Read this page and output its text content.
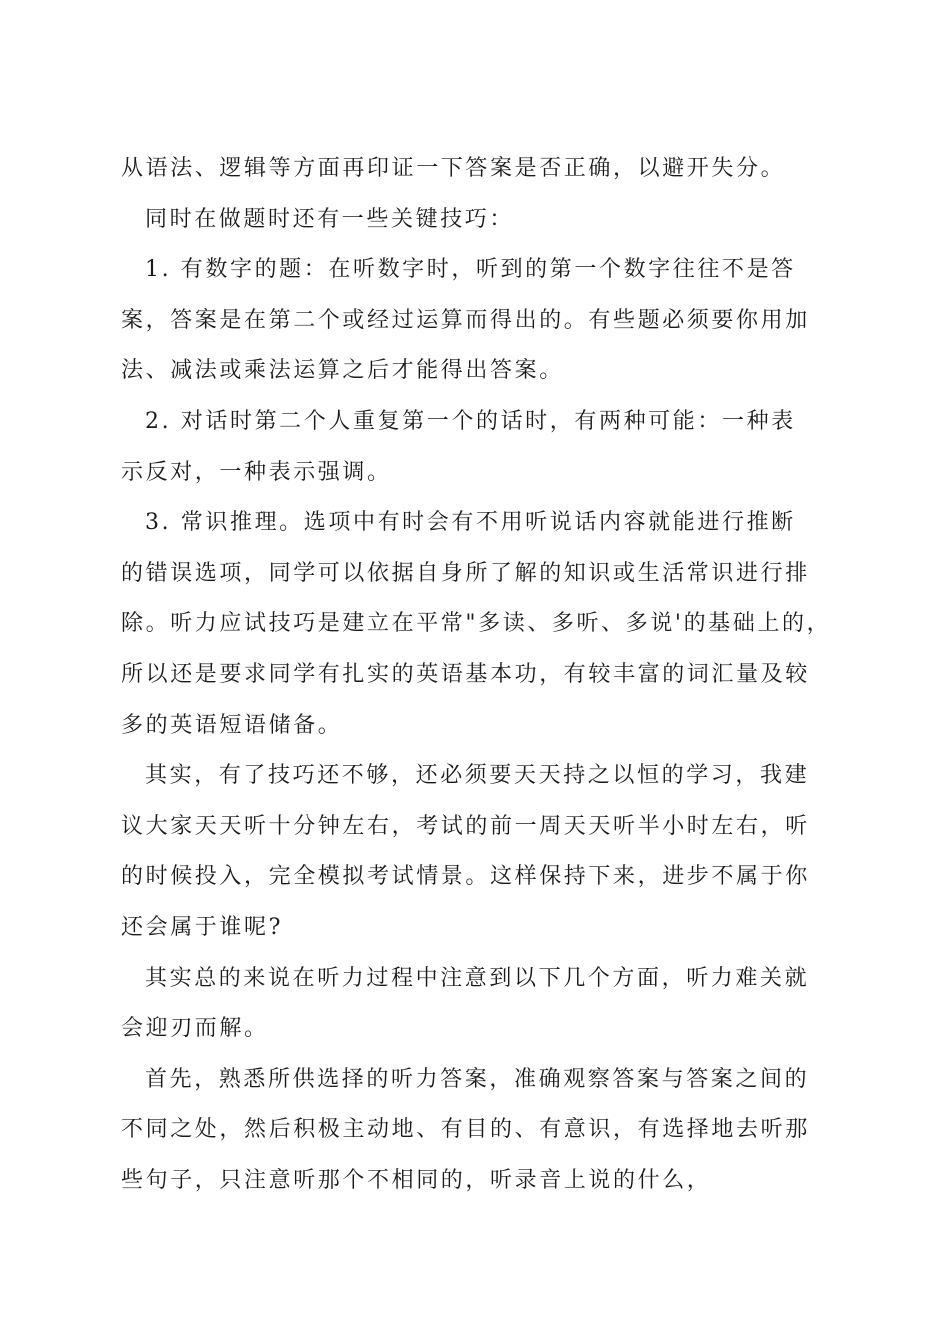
从语法、逻辑等方面再印证一下答案是否正确，以避开失分。
同时在做题时还有一些关键技巧：
1. 有数字的题：在听数字时，听到的第一个数字往往不是答
案，答案是在第二个或经过运算而得出的。有些题必须要你用加
法、减法或乘法运算之后才能得出答案。
2. 对话时第二个人重复第一个的话时，有两种可能：一种表
示反对，一种表示强调。
3. 常识推理。选项中有时会有不用听说话内容就能进行推断
的错误选项，同学可以依据自身所了解的知识或生活常识进行排
除。听力应试技巧是建立在平常"多读、多听、多说'的基础上的，
所以还是要求同学有扎实的英语基本功，有较丰富的词汇量及较
多的英语短语储备。
其实，有了技巧还不够，还必须要天天持之以恒的学习，我建
议大家天天听十分钟左右，考试的前一周天天听半小时左右，听
的时候投入，完全模拟考试情景。这样保持下来，进步不属于你
还会属于谁呢?
其实总的来说在听力过程中注意到以下几个方面，听力难关就
会迎刃而解。
首先，熟悉所供选择的听力答案，准确观察答案与答案之间的
不同之处，然后积极主动地、有目的、有意识，有选择地去听那
些句子，只注意听那个不相同的，听录音上说的什么，
